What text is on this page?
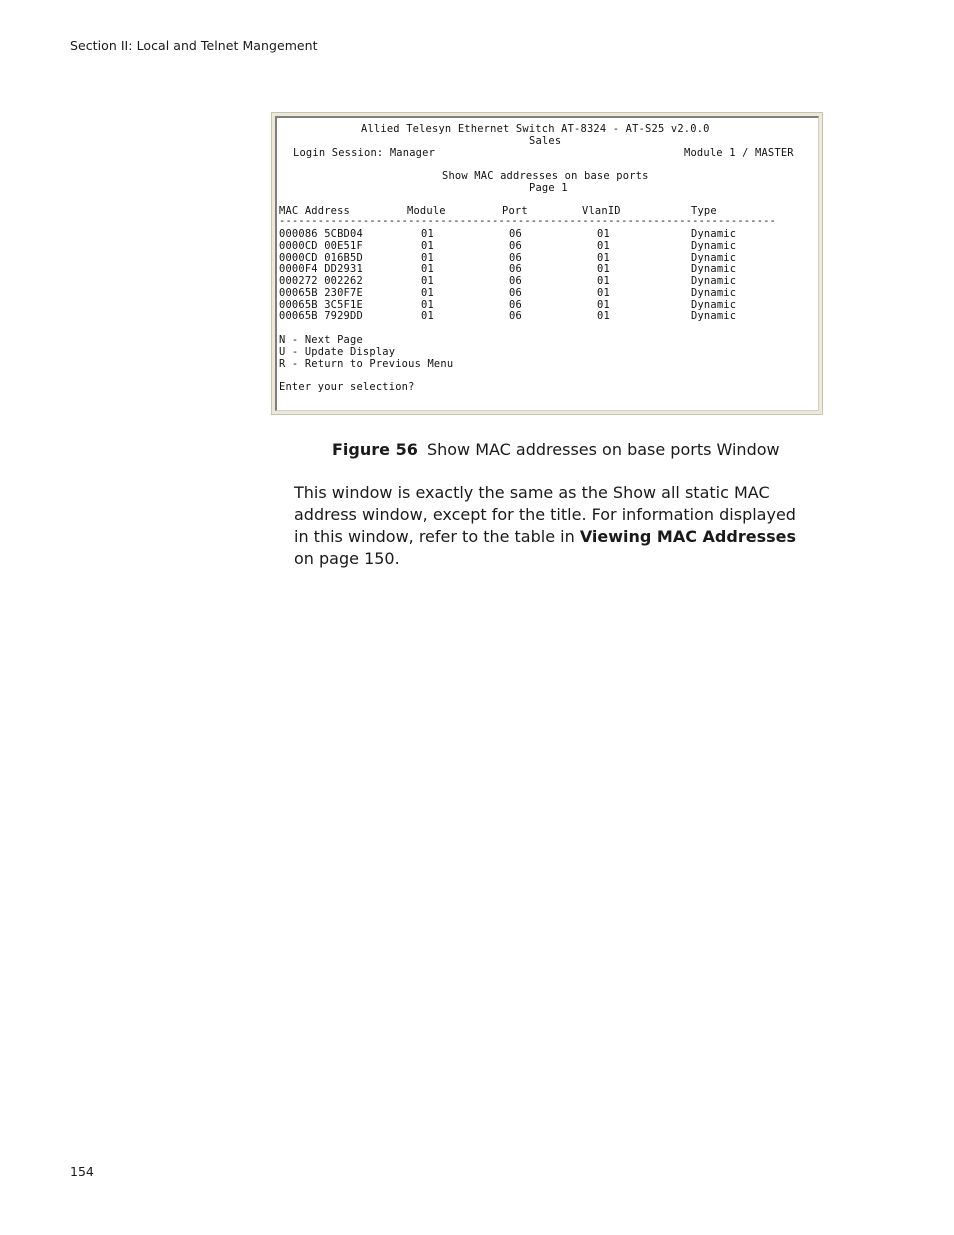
Section II: Local and Telnet Mangement
Allied Telesyn Ethernet Switch AT-8324 - AT-S25 v2.0.0
Sales
Login Session: Manager	Module 1 / MASTER
Show MAC addresses on base ports
Page 1
MAC Address	Module	Port	VlanID	Type
-----------------------------------------------------------------------------
000086 5CBD04	01	06	01	Dynamic
0000CD 00E51F	01	06	01	Dynamic
0000CD 016B5D	01	06	01	Dynamic
0000F4 DD2931	01	06	01	Dynamic
000272 002262	01	06	01	Dynamic
00065B 230F7E	01	06	01	Dynamic
00065B 3C5F1E	01	06	01	Dynamic
00065B 7929DD	01	06	01	Dynamic
N - Next Page
U - Update Display
R - Return to Previous Menu
Enter your selection?
Figure 56 Show MAC addresses on base ports Window
This window is exactly the same as the Show all static MAC address window, except for the title. For information displayed in this window, refer to the table in Viewing MAC Addresses on page 150.
154
